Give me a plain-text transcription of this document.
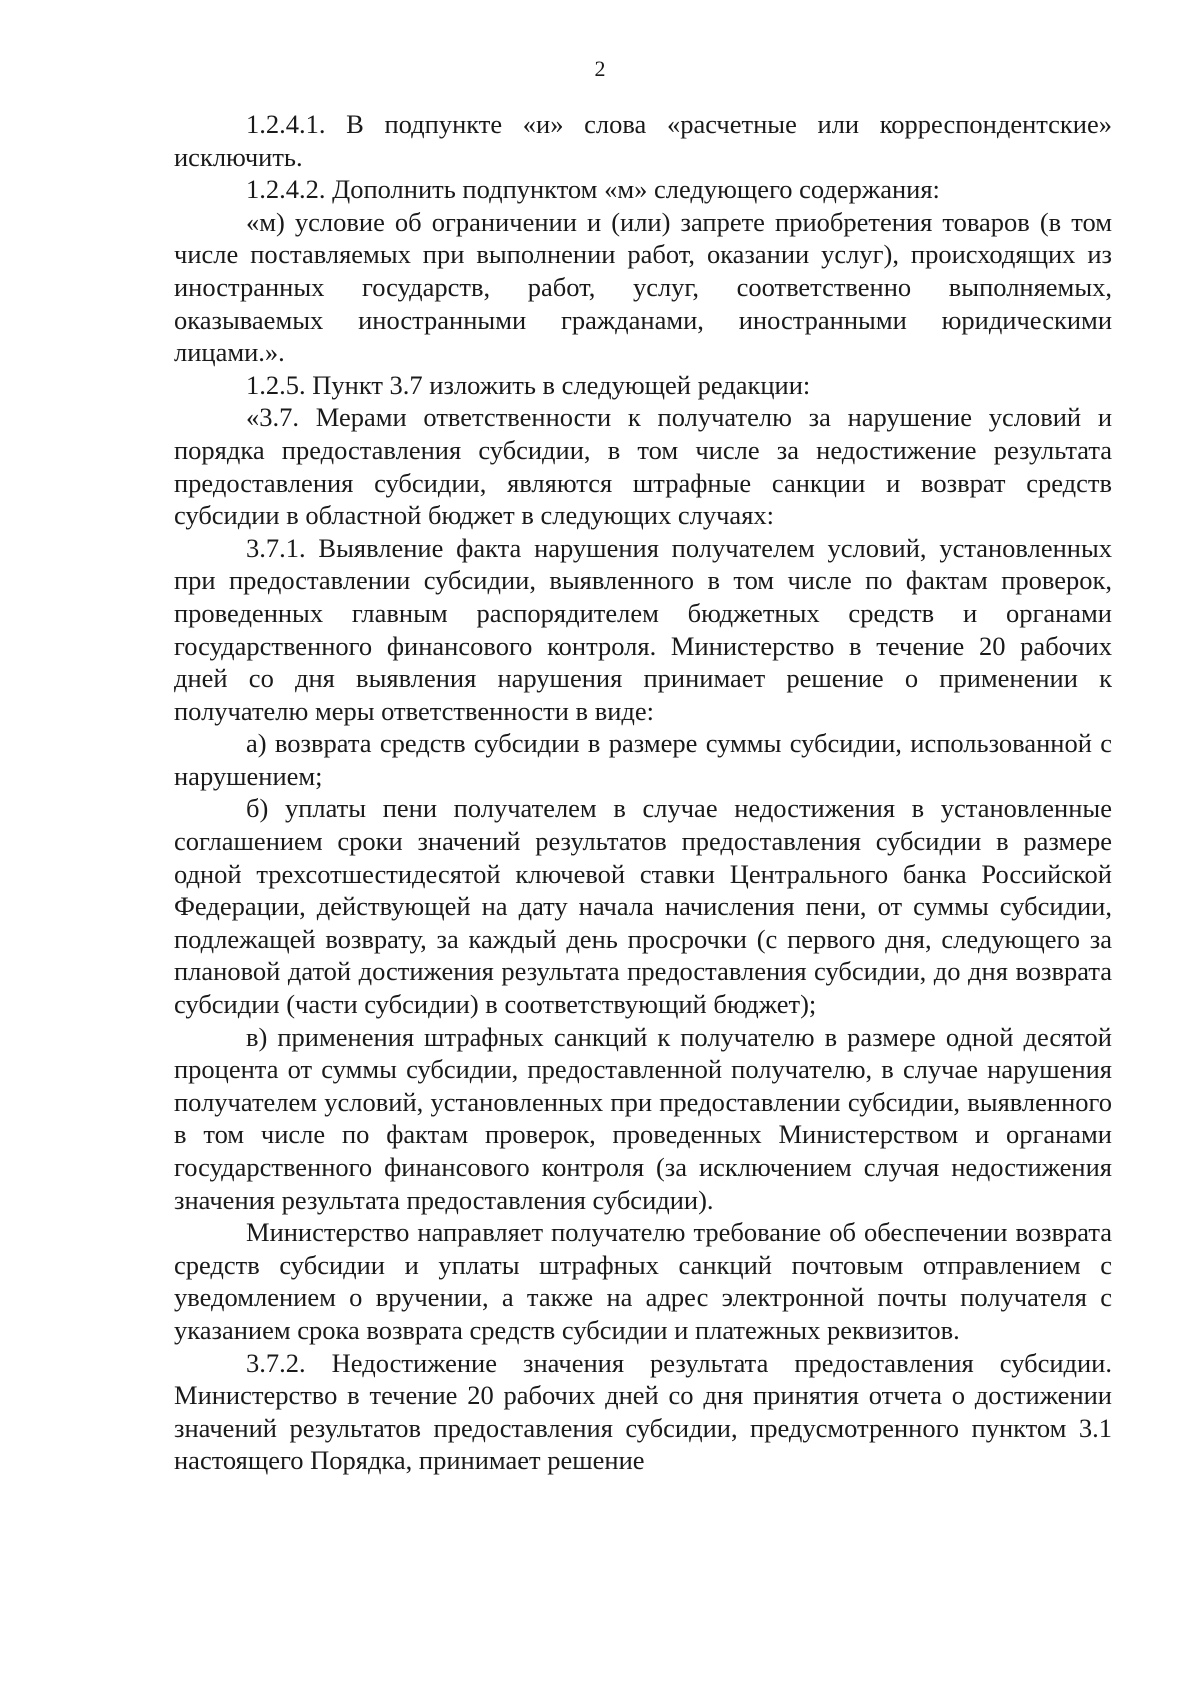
2

1.2.4.1. В подпункте «и» слова «расчетные или корреспондентские» исключить.

1.2.4.2. Дополнить подпунктом «м» следующего содержания:

«м) условие об ограничении и (или) запрете приобретения товаров (в том числе поставляемых при выполнении работ, оказании услуг), происходящих из иностранных государств, работ, услуг, соответственно выполняемых, оказываемых иностранными гражданами, иностранными юридическими лицами.».

1.2.5. Пункт 3.7 изложить в следующей редакции:

«3.7. Мерами ответственности к получателю за нарушение условий и порядка предоставления субсидии, в том числе за недостижение результата предоставления субсидии, являются штрафные санкции и возврат средств субсидии в областной бюджет в следующих случаях:

3.7.1. Выявление факта нарушения получателем условий, установленных при предоставлении субсидии, выявленного в том числе по фактам проверок, проведенных главным распорядителем бюджетных средств и органами государственного финансового контроля. Министерство в течение 20 рабочих дней со дня выявления нарушения принимает решение о применении к получателю меры ответственности в виде:

а) возврата средств субсидии в размере суммы субсидии, использованной с нарушением;

б) уплаты пени получателем в случае недостижения в установленные соглашением сроки значений результатов предоставления субсидии в размере одной трехсотшестидесятой ключевой ставки Центрального банка Российской Федерации, действующей на дату начала начисления пени, от суммы субсидии, подлежащей возврату, за каждый день просрочки (с первого дня, следующего за плановой датой достижения результата предоставления субсидии, до дня возврата субсидии (части субсидии) в соответствующий бюджет);

в) применения штрафных санкций к получателю в размере одной десятой процента от суммы субсидии, предоставленной получателю, в случае нарушения получателем условий, установленных при предоставлении субсидии, выявленного в том числе по фактам проверок, проведенных Министерством и органами государственного финансового контроля (за исключением случая недостижения значения результата предоставления субсидии).

Министерство направляет получателю требование об обеспечении возврата средств субсидии и уплаты штрафных санкций почтовым отправлением с уведомлением о вручении, а также на адрес электронной почты получателя с указанием срока возврата средств субсидии и платежных реквизитов.

3.7.2. Недостижение значения результата предоставления субсидии. Министерство в течение 20 рабочих дней со дня принятия отчета о достижении значений результатов предоставления субсидии, предусмотренного пунктом 3.1 настоящего Порядка, принимает решение
